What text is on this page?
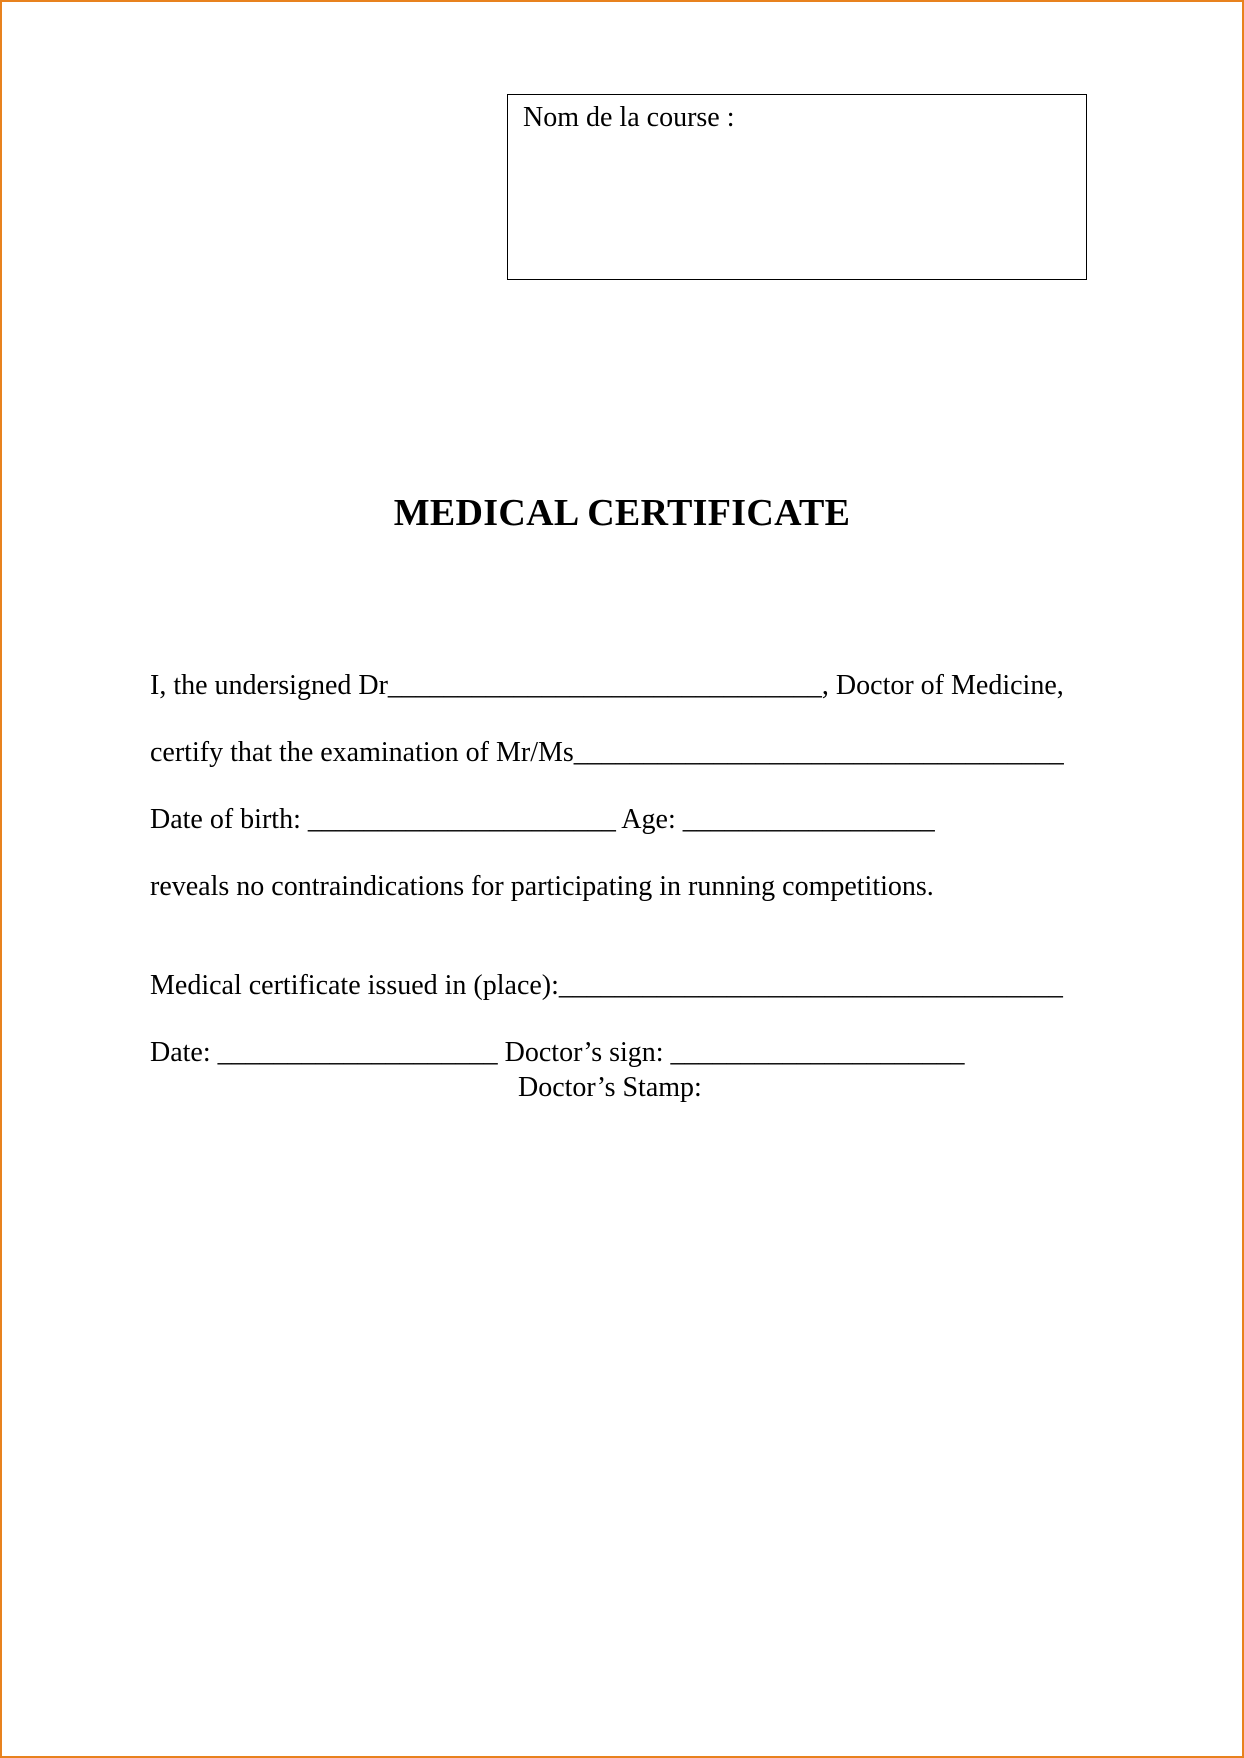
Nom de la course :
MEDICAL CERTIFICATE
I, the undersigned Dr_______________________________, Doctor of Medicine,
certify that the examination of Mr/Ms___________________________________
Date of birth: ______________________ Age: __________________
reveals no contraindications for participating in running competitions.
Medical certificate issued in (place):____________________________________
Date: ____________________ Doctor’s sign: _____________________
Doctor’s Stamp:
